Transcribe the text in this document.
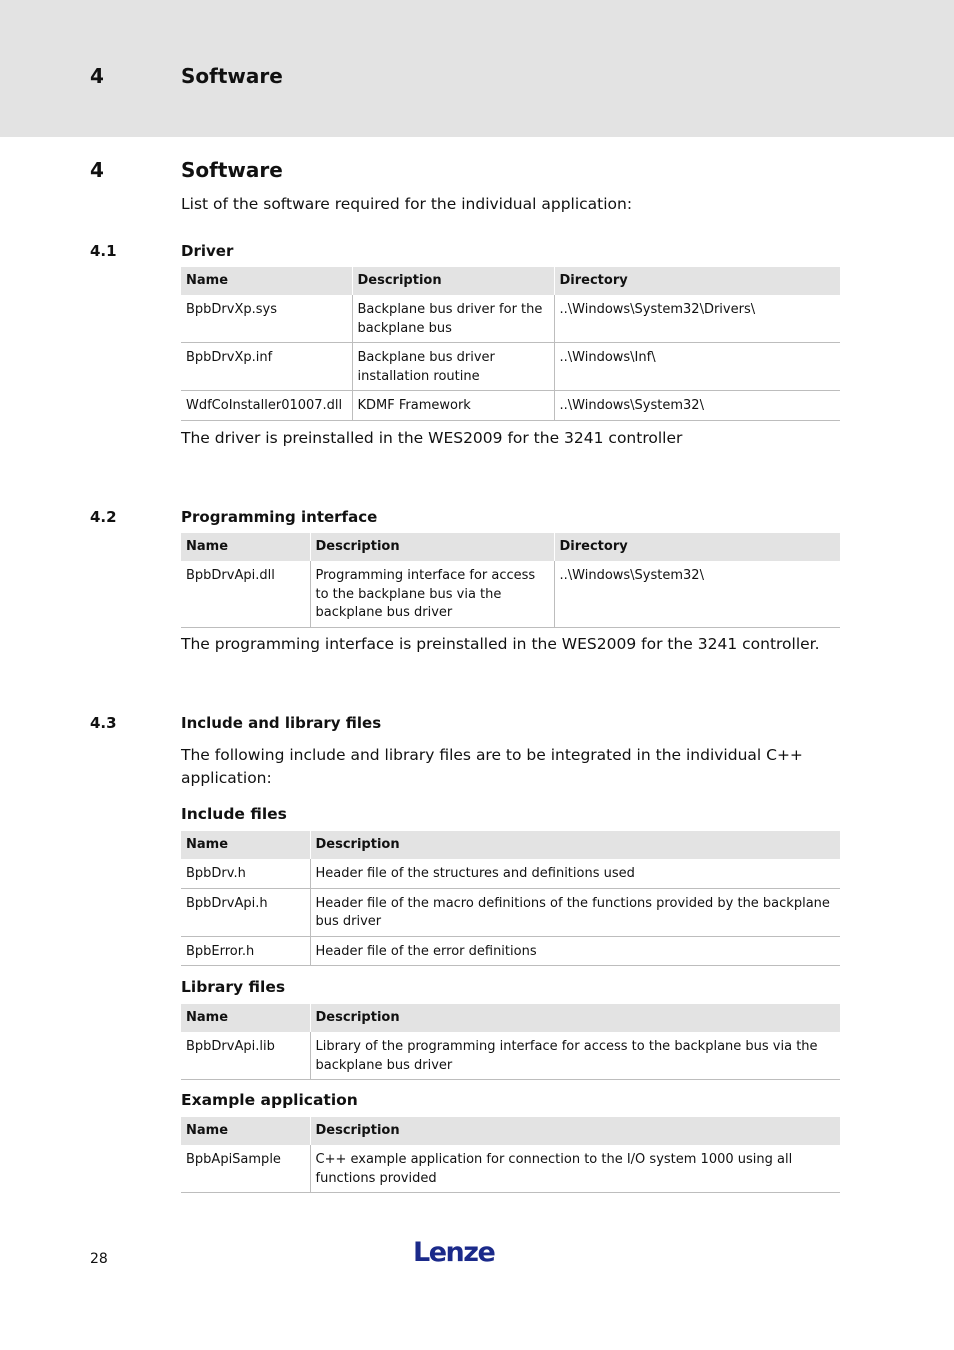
4	Software
4	Software
List of the software required for the individual application:
4.1	Driver
Name	Description	Directory
BpbDrvXp.sys	Backplane bus driver for the backplane bus	..\Windows\System32\Drivers\
BpbDrvXp.inf	Backplane bus driver installation routine	..\Windows\Inf\
WdfCoInstaller01007.dll	KDMF Framework	..\Windows\System32\
The driver is preinstalled in the WES2009 for the 3241 controller
4.2	Programming interface
Name	Description	Directory
BpbDrvApi.dll	Programming interface for access to the backplane bus via the backplane bus driver	..\Windows\System32\
The programming interface is preinstalled in the WES2009 for the 3241 controller.
4.3	Include and library files
The following include and library files are to be integrated in the individual C++ application:
Include files
Name	Description
BpbDrv.h	Header file of the structures and definitions used
BpbDrvApi.h	Header file of the macro definitions of the functions provided by the backplane bus driver
BpbError.h	Header file of the error definitions
Library files
Name	Description
BpbDrvApi.lib	Library of the programming interface for access to the backplane bus via the backplane bus driver
Example application
Name	Description
BpbApiSample	C++ example application for connection to the I/O system 1000 using all functions provided
28	Lenze
